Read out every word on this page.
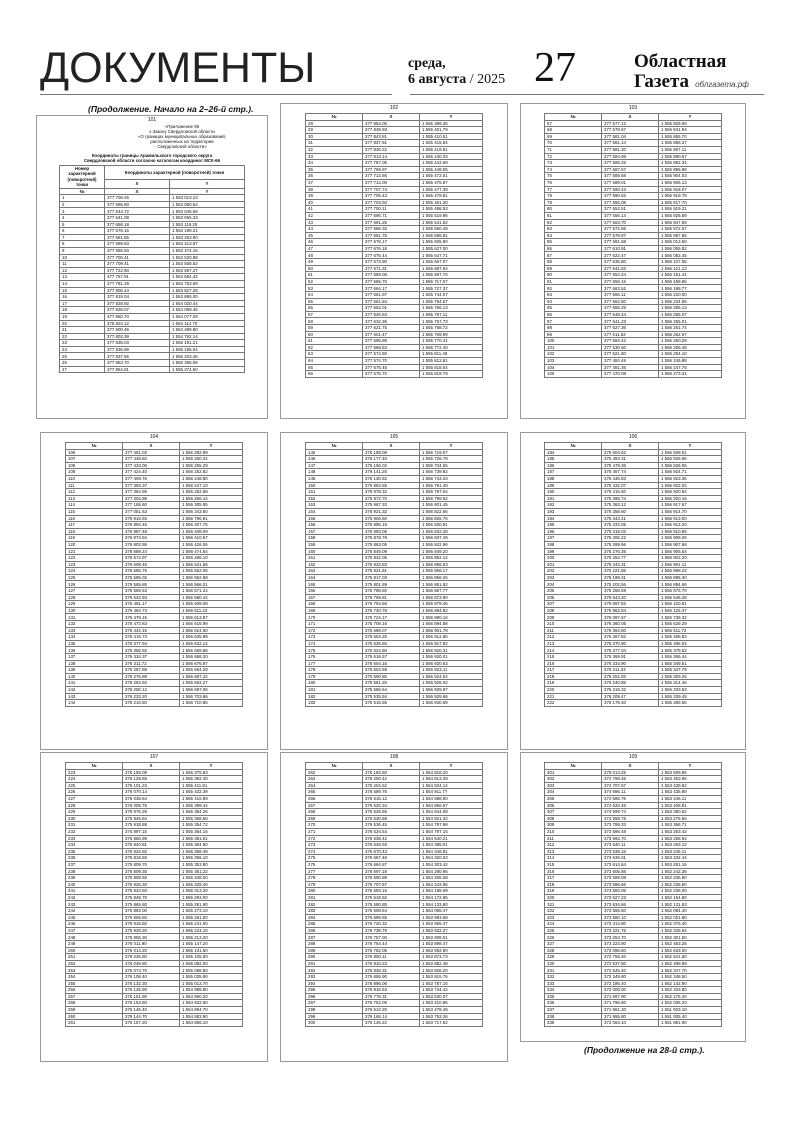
ДОКУМЕНТЫ	среда,
6 августа / 2025 27	Областная
Газета облгазета.рф
(Продолжение. Начало на 2–26-й стр.).
101
«Приложение 95
к Закону Свердловской области
«О границах муниципальных образований,
расположенных на территории
Свердловской области»
Координаты границы Арамильского городского округа
Свердловской области согласно каталогам координат МСК-66
Номер характерной (поворотной) точки	Координаты характерной (поворотной) точки	
	X	Y
№	X	Y
1	377 708.45	1 553 013.23
2	377 696.80	1 553 050.54
3	377 644.72	1 553 045.56
4	377 641.08	1 553 065.33
5	377 658.18	1 553 119.25
6	377 676.15	1 553 199.21
7	377 681.55	1 553 263.90
8	377 689.63	1 553 413.97
9	377 695.93	1 553 474.16
10	377 700.41	1 553 520.88
11	377 709.41	1 553 558.62
12	377 722.90	1 553 587.27
13	377 757.91	1 553 684.42
14	377 781.29	1 553 753.59
15	377 806.43	1 553 827.28
16	377 819.04	1 553 865.00
17	377 828.92	1 554 020.44
18	377 826.07	1 554 059.45
19	377 850.70	1 554 077.29
20	376 824.12	1 554 114.70
21	377 900.45	1 554 499.80
22	377 803.39	1 554 792.14
23	377 835.03	1 555 191.21
24	377 836.89	1 555 195.04
25	377 837.55	1 555 203.46
26	377 853.70	1 555 355.08
27	377 854.81	1 555 374.60
102
№	X	Y
28	377 854.00	1 555 389.35
29	377 849.93	1 555 401.79
30	377 843.81	1 555 410.51
31	377 837.61	1 555 415.84
32	377 830.22	1 555 419.81
33	377 813.14	1 555 430.33
34	377 787.05	1 555 442.69
35	377 769.97	1 555 448.05
36	377 713.86	1 555 472.01
37	377 712.00	1 555 475.87
38	377 707.74	1 555 477.39
39	377 705.43	1 555 478.81
40	377 703.50	1 555 481.30
41	377 700.11	1 555 498.53
42	377 695.71	1 555 519.96
43	377 691.25	1 555 541.62
44	377 686.33	1 555 560.49
45	377 681.75	1 555 585.81
46	377 678.17	1 555 605.90
47	377 676.18	1 555 627.00
48	377 675.44	1 555 647.71
49	377 673.90	1 555 667.07
50	377 671.31	1 555 687.94
51	377 669.06	1 555 687.76
52	377 665.70	1 555 717.07
53	377 664.17	1 555 727.37
54	377 661.97	1 555 744.07
55	377 661.84	1 555 764.67
56	377 662.01	1 555 766.13
57	377 646.53	1 555 767.11
58	377 632.36	1 555 767.73
59	377 621.75	1 555 768.72
60	377 601.47	1 555 769.99
61	377 595.89	1 555 770.41
62	377 568.63	1 555 772.40
63	377 574.50	1 555 811.46
64	377 574.70	1 555 812.81
65	377 575.45	1 555 818.04
66	377 575.70	1 555 819.79
103
№	X	Y
67	377 577.12	1 555 829.69
68	377 578.57	1 555 841.94
69	377 581.04	1 555 855.70
70	377 581.14	1 555 856.37
71	377 581.20	1 555 857.11
72	377 584.99	1 555 880.67
73	377 585.25	1 555 882.34
74	377 587.57	1 555 896.98
75	377 588.68	1 555 904.03
76	377 589.01	1 555 906.13
77	377 590.43	1 555 918.07
78	377 590.63	1 555 919.78
79	377 556.08	1 555 917.70
80	377 553.51	1 555 919.21
81	377 556.14	1 555 926.59
82	377 563.70	1 555 947.69
83	377 572.56	1 555 972.67
84	377 578.87	1 555 987.55
85	377 591.58	1 556 013.50
86	377 610.91	1 556 055.82
87	377 622.47	1 556 082.45
88	377 635.80	1 556 107.55
89	377 641.63	1 556 121.13
90	377 654.24	1 556 151.41
91	377 658.15	1 556 159.86
92	377 663.52	1 556 188.77
93	377 666.11	1 556 220.00
94	377 662.80	1 556 234.55
95	377 655.29	1 556 255.13
96	377 648.44	1 556 255.07
97	377 641.23	1 556 255.01
98	377 627.36	1 556 261.74
99	377 611.52	1 556 262.67
100	377 584.42	1 556 260.29
101	377 530.50	1 556 255.48
102	377 521.80	1 556 254.10
103	377 484.49	1 556 246.88
104	377 481.36	1 556 247.76
105	377 470.08	1 556 273.31
104
№	X	Y
106	377 461.03	1 556 282.89
107	377 448.82	1 556 260.34
108	377 433.06	1 556 255.29
109	377 424.40	1 556 252.82
110	377 409.76	1 556 248.80
111	377 393.37	1 556 247.10
112	377 364.95	1 556 252.68
113	377 304.98	1 556 266.44
114	377 165.60	1 556 305.95
115	377 051.63	1 556 343.60
116	376 916.93	1 556 786.81
117	376 894.45	1 556 407.75
118	376 887.48	1 556 408.09
119	376 873.94	1 556 410.57
120	376 803.95	1 556 426.06
121	376 689.24	1 556 474.64
122	376 674.97	1 556 486.10
123	376 609.45	1 556 541.56
124	376 585.75	1 556 552.06
125	376 585.02	1 556 552.88
126	376 565.86	1 556 566.01
127	376 559.53	1 556 571.24
128	376 542.93	1 556 580.44
129	376 491.17	1 556 609.08
130	376 484.73	1 556 611.42
131	376 479.15	1 556 613.87
132	376 473.63	1 556 616.99
133	376 442.15	1 556 624.50
134	376 419.73	1 556 635.89
135	376 377.94	1 556 632.14
136	376 356.92	1 556 659.86
137	376 334.37	1 556 668.20
138	376 311.72	1 556 676.97
139	376 287.88	1 556 684.29
140	376 276.88	1 556 687.42
141	376 263.92	1 556 692.27
142	376 250.12	1 556 697.06
143	376 233.20	1 556 703.86
144	376 216.50	1 556 710.86
105
№	X	Y
145	376 198.08	1 556 719.07
146	376 177.40	1 556 726.79
147	376 156.02	1 556 734.65
148	376 141.26	1 556 739.92
149	376 130.82	1 556 743.43
150	375 993.65	1 556 791.49
151	375 978.32	1 556 797.04
152	375 972.70	1 556 799.52
153	375 967.33	1 556 801.45
154	375 921.32	1 556 822.66
155	375 906.60	1 556 826.76
156	375 896.19	1 556 830.91
157	375 893.06	1 556 832.28
158	375 878.78	1 556 837.49
159	375 863.05	1 556 842.96
160	375 849.09	1 556 849.20
161	375 842.06	1 556 852.14
162	375 833.83	1 556 855.03
163	375 821.81	1 556 858.17
164	375 817.03	1 556 856.26
165	375 801.59	1 556 861.92
166	375 786.50	1 556 867.77
167	375 769.81	1 556 873.90
168	375 754.58	1 556 879.46
169	375 740.78	1 556 884.82
170	375 724.17	1 556 890.16
171	375 708.16	1 556 894.88
172	375 689.07	1 556 901.78
173	375 653.20	1 556 912.85
174	375 635.55	1 556 917.92
175	375 624.50	1 556 920.31
176	375 616.57	1 556 920.01
177	375 604.16	1 556 920.63
178	375 604.59	1 556 923.11
179	375 590.85	1 556 924.54
180	375 581.26	1 556 926.02
181	375 566.64	1 556 929.97
182	375 535.94	1 556 929.96
183	375 516.56	1 556 930.69
106
№	X	Y
184	375 504.62	1 556 928.61
185	375 493.31	1 556 926.95
186	375 479.36	1 556 926.06
187	375 467.74	1 556 924.71
188	375 446.83	1 556 923.36
189	375 432.07	1 556 922.02
190	375 415.50	1 556 920.94
191	375 398.74	1 556 920.16
192	375 383.12	1 556 917.67
193	375 358.60	1 556 914.70
194	375 343.41	1 556 913.00
195	375 333.05	1 556 912.20
196	375 319.03	1 556 910.65
197	375 306.22	1 556 909.26
198	375 289.56	1 556 907.68
199	375 276.35	1 556 905.54
200	375 254.77	1 556 902.20
201	375 242.31	1 556 901.11
202	375 221.66	1 556 899.22
203	375 198.31	1 556 896.30
204	375 202.56	1 556 894.66
205	375 268.59	1 556 676.70
206	375 643.20	1 556 546.28
207	375 897.83	1 556 420.81
208	375 962.84	1 556 125.47
209	376 097.57	1 555 738.32
210	376 360.05	1 555 529.29
211	376 364.60	1 555 511.72
212	376 367.82	1 555 498.83
213	376 370.90	1 555 486.04
214	376 377.04	1 555 379.53
215	376 369.91	1 555 366.44
216	376 334.90	1 555 349.51
217	376 311.34	1 555 347.79
218	376 251.83	1 555 309.26
219	376 240.85	1 555 314.46
220	376 218.32	1 555 333.53
221	376 209.47	1 555 339.45
222	376 179.40	1 555 359.55
107
№	X	Y
223	376 155.05	1 555 375.83
224	376 129.66	1 555 392.40
225	376 101.23	1 555 411.81
226	376 070.14	1 555 432.39
227	376 038.64	1 555 416.89
228	376 005.75	1 555 399.44
229	375 976.26	1 555 384.26
230	375 945.84	1 555 368.60
231	375 918.88	1 555 354.72
232	375 897.15	1 555 364.16
233	375 856.99	1 555 381.61
234	375 840.81	1 555 364.90
235	375 834.60	1 555 358.49
236	375 819.55	1 555 356.10
237	375 809.70	1 555 353.80
238	375 809.35	1 555 351.22
239	375 809.50	1 555 348.00
240	375 825.30	1 555 329.40
241	375 833.50	1 555 313.20
242	375 849.70	1 555 293.00
243	375 865.80	1 555 281.90
244	375 893.00	1 555 273.10
245	375 906.60	1 555 261.50
246	375 918.50	1 555 241.50
247	375 929.20	1 555 224.10
248	375 956.30	1 555 213.20
249	376 011.90	1 555 147.20
250	376 014.20	1 555 131.50
251	376 025.80	1 555 105.00
252	376 048.80	1 555 082.00
253	376 074.70	1 555 058.80
254	376 108.40	1 555 035.90
255	376 132.30	1 555 013.70
256	376 145.90	1 554 989.90
257	376 151.90	1 554 960.20
258	376 153.80	1 554 932.60
259	376 145.40	1 554 894.70
260	376 144.70	1 554 883.90
261	376 157.20	1 554 856.10
108
№	X	Y
262	376 183.60	1 554 818.20
263	376 200.42	1 554 813.39
264	376 204.52	1 554 834.14
265	376 589.76	1 554 911.77
266	376 515.12	1 554 888.90
267	376 520.34	1 554 866.67
268	376 525.66	1 554 844.08
269	376 530.58	1 554 821.32
270	376 536.45	1 554 797.98
271	376 534.54	1 554 797.15
272	376 538.42	1 554 640.21
273	376 649.93	1 554 385.01
274	376 670.43	1 554 346.81
275	376 687.48	1 554 320.63
276	376 694.87	1 554 303.42
277	376 697.19	1 554 290.95
278	376 690.98	1 554 265.08
279	376 707.67	1 554 243.95
280	376 693.15	1 554 189.09
281	376 618.92	1 554 172.85
282	376 580.85	1 554 133.80
283	376 608.54	1 554 098.47
284	376 699.55	1 553 983.68
285	376 720.32	1 553 955.37
286	376 739.79	1 553 932.27
287	376 757.00	1 553 908.01
288	376 764.44	1 553 898.47
289	376 782.05	1 553 892.90
290	376 800.11	1 553 873.73
291	376 810.23	1 553 882.48
292	376 848.31	1 553 828.20
293	376 855.90	1 553 815.76
294	376 896.06	1 553 787.16
295	376 916.53	1 553 744.42
296	376 778.31	1 553 530.07
297	376 752.09	1 553 410.96
298	376 512.20	1 553 478.49
299	376 165.14	1 553 753.26
300	376 145.22	1 553 717.52
109
№	X	Y
301	375 013.25	1 553 509.96
302	374 798.46	1 553 453.95
303	374 707.67	1 553 439.82
304	374 686.11	1 553 435.89
305	374 686.76	1 553 446.11
306	374 620.48	1 553 408.81
307	374 599.74	1 553 380.62
308	374 558.75	1 553 275.56
309	373 799.33	1 553 366.71
310	373 698.48	1 553 263.42
311	373 692.70	1 553 258.64
312	373 640.11	1 553 253.12
313	373 638.16	1 553 245.11
314	373 636.01	1 553 232.44
315	373 614.64	1 553 251.16
316	373 605.56	1 552 242.36
317	373 589.08	1 552 236.90
318	373 586.66	1 552 236.60
319	373 584.05	1 552 236.00
320	373 627.23	1 552 154.80
321	373 634.66	1 552 131.63
322	373 555.60	1 552 084.40
323	373 580.10	1 552 021.80
324	373 414.80	1 552 075.40
325	373 321.76	1 552 326.64
326	373 253.70	1 552 301.50
327	373 223.80	1 552 463.26
328	373 096.60	1 552 633.00
329	372 758.40	1 552 641.60
330	372 537.50	1 552 489.99
331	372 545.40	1 552 347.70
332	372 349.80	1 552 348.50
333	372 186.40	1 552 142.90
334	372 005.00	1 552 333.80
335	371 697.90	1 552 175.20
336	371 795.60	1 552 035.20
337	371 961.20	1 551 933.10
338	371 955.80	1 551 935.40
339	372 063.10	1 551 881.90
(Продолжение на 28-й стр.).
